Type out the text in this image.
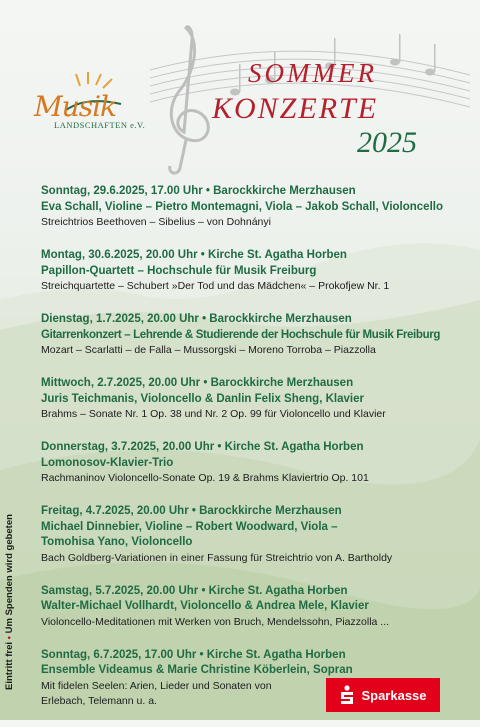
Musik
LANDSCHAFTEN e.V.
SOMMER
KONZERTE
2025
Sonntag, 29.6.2025, 17.00 Uhr • Barockkirche Merzhausen
Eva Schall, Violine – Pietro Montemagni, Viola – Jakob Schall, Violoncello
Streichtrios Beethoven – Sibelius – von Dohnányi
Montag, 30.6.2025, 20.00 Uhr • Kirche St. Agatha Horben
Papillon-Quartett – Hochschule für Musik Freiburg
Streichquartette – Schubert »Der Tod und das Mädchen« – Prokofjew Nr. 1
Dienstag, 1.7.2025, 20.00 Uhr • Barockkirche Merzhausen
Gitarrenkonzert – Lehrende & Studierende der Hochschule für Musik Freiburg
Mozart – Scarlatti – de Falla – Mussorgski – Moreno Torroba – Piazzolla
Mittwoch, 2.7.2025, 20.00 Uhr • Barockkirche Merzhausen
Juris Teichmanis, Violoncello & Danlin Felix Sheng, Klavier
Brahms – Sonate Nr. 1 Op. 38 und Nr. 2 Op. 99 für Violoncello und Klavier
Donnerstag, 3.7.2025, 20.00 Uhr • Kirche St. Agatha Horben
Lomonosov-Klavier-Trio
Rachmaninov Violoncello-Sonate Op. 19 & Brahms Klaviertrio Op. 101
Freitag, 4.7.2025, 20.00 Uhr • Barockkirche Merzhausen
Michael Dinnebier, Violine – Robert Woodward, Viola – Tomohisa Yano, Violoncello
Bach Goldberg-Variationen in einer Fassung für Streichtrio von A. Bartholdy
Samstag, 5.7.2025, 20.00 Uhr • Kirche St. Agatha Horben
Walter-Michael Vollhardt, Violoncello & Andrea Mele, Klavier
Violoncello-Meditationen mit Werken von Bruch, Mendelssohn, Piazzolla ...
Sonntag, 6.7.2025, 17.00 Uhr • Kirche St. Agatha Horben
Ensemble Videamus & Marie Christine Köberlein, Sopran
Mit fidelen Seelen: Arien, Lieder und Sonaten von Erlebach, Telemann u. a.
Eintritt frei • Um Spenden wird gebeten
Sparkasse
